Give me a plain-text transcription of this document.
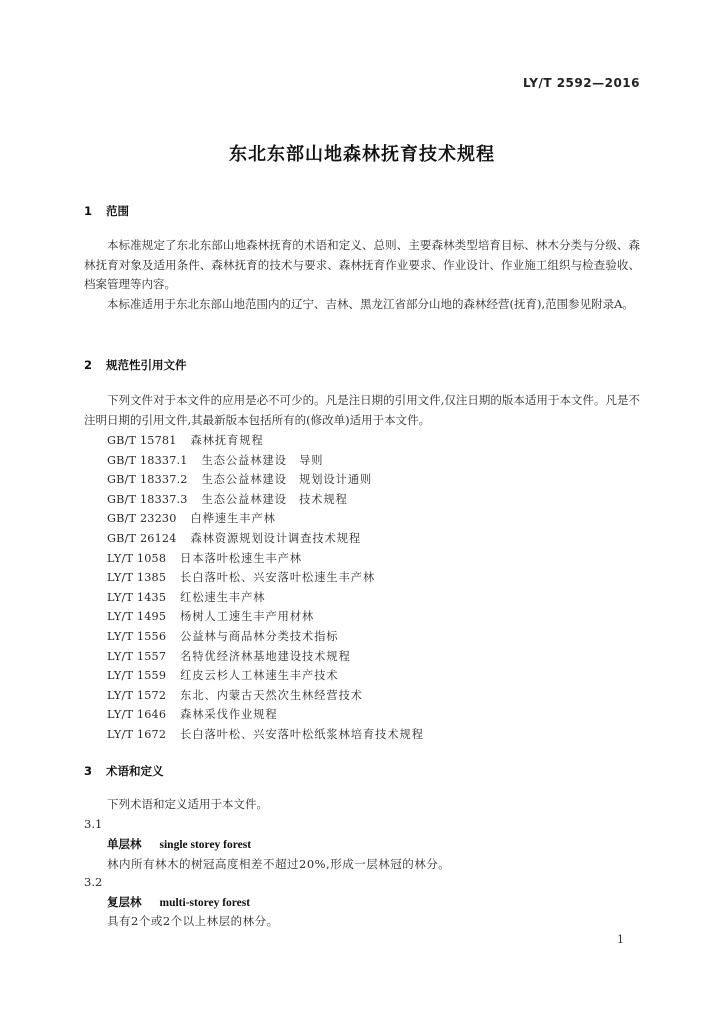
LY/T 2592—2016
东北东部山地森林抚育技术规程
1 范围
本标准规定了东北东部山地森林抚育的术语和定义、总则、主要森林类型培育目标、林木分类与分级、森林抚育对象及适用条件、森林抚育的技术与要求、森林抚育作业要求、作业设计、作业施工组织与检查验收、档案管理等内容。
本标准适用于东北东部山地范围内的辽宁、吉林、黑龙江省部分山地的森林经营(抚育),范围参见附录A。
2 规范性引用文件
下列文件对于本文件的应用是必不可少的。凡是注日期的引用文件,仅注日期的版本适用于本文件。凡是不注明日期的引用文件,其最新版本包括所有的(修改单)适用于本文件。
GB/T 15781 森林抚育规程
GB/T 18337.1 生态公益林建设　导则
GB/T 18337.2 生态公益林建设　规划设计通则
GB/T 18337.3 生态公益林建设　技术规程
GB/T 23230 白桦速生丰产林
GB/T 26124 森林资源规划设计调查技术规程
LY/T 1058 日本落叶松速生丰产林
LY/T 1385 长白落叶松、兴安落叶松速生丰产林
LY/T 1435 红松速生丰产林
LY/T 1495 杨树人工速生丰产用材林
LY/T 1556 公益林与商品林分类技术指标
LY/T 1557 名特优经济林基地建设技术规程
LY/T 1559 红皮云杉人工林速生丰产技术
LY/T 1572 东北、内蒙古天然次生林经营技术
LY/T 1646 森林采伐作业规程
LY/T 1672 长白落叶松、兴安落叶松纸浆林培育技术规程
3 术语和定义
下列术语和定义适用于本文件。
3.1
单层林 single storey forest
林内所有林木的树冠高度相差不超过20%,形成一层林冠的林分。
3.2
复层林 multi-storey forest
具有2个或2个以上林层的林分。
1
